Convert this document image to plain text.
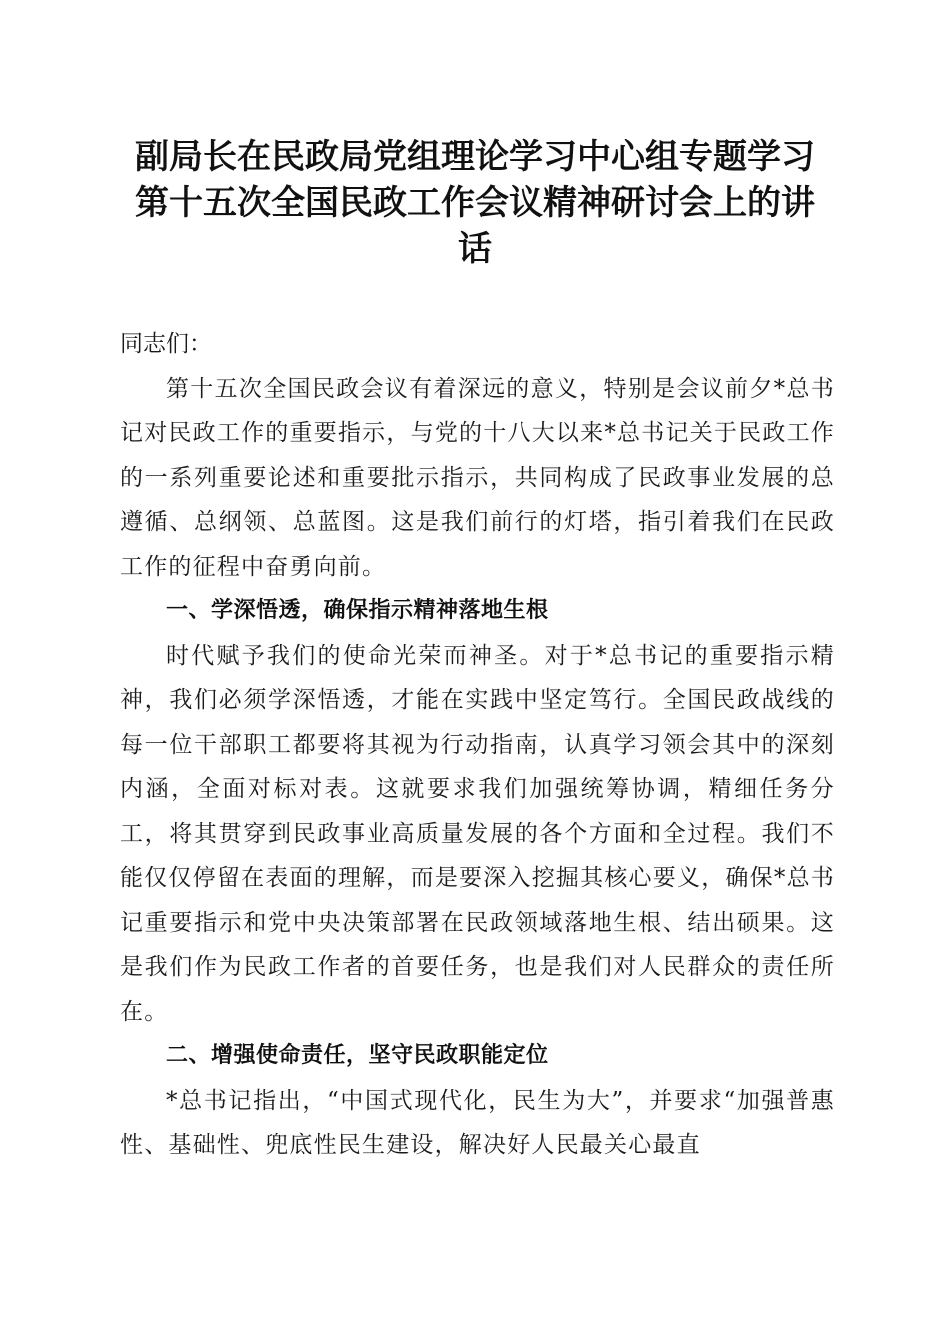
副局长在民政局党组理论学习中心组专题学习
第十五次全国民政工作会议精神研讨会上的讲
话

同志们：

第十五次全国民政会议有着深远的意义，特别是会议前夕*总书记对民政工作的重要指示，与党的十八大以来*总书记关于民政工作的一系列重要论述和重要批示指示，共同构成了民政事业发展的总遵循、总纲领、总蓝图。这是我们前行的灯塔，指引着我们在民政工作的征程中奋勇向前。

一、学深悟透，确保指示精神落地生根

时代赋予我们的使命光荣而神圣。对于*总书记的重要指示精神，我们必须学深悟透，才能在实践中坚定笃行。全国民政战线的每一位干部职工都要将其视为行动指南，认真学习领会其中的深刻内涵，全面对标对表。这就要求我们加强统筹协调，精细任务分工，将其贯穿到民政事业高质量发展的各个方面和全过程。我们不能仅仅停留在表面的理解，而是要深入挖掘其核心要义，确保*总书记重要指示和党中央决策部署在民政领域落地生根、结出硕果。这是我们作为民政工作者的首要任务，也是我们对人民群众的责任所在。

二、增强使命责任，坚守民政职能定位

*总书记指出，“中国式现代化，民生为大”，并要求“加强普惠性、基础性、兜底性民生建设，解决好人民最关心最直
